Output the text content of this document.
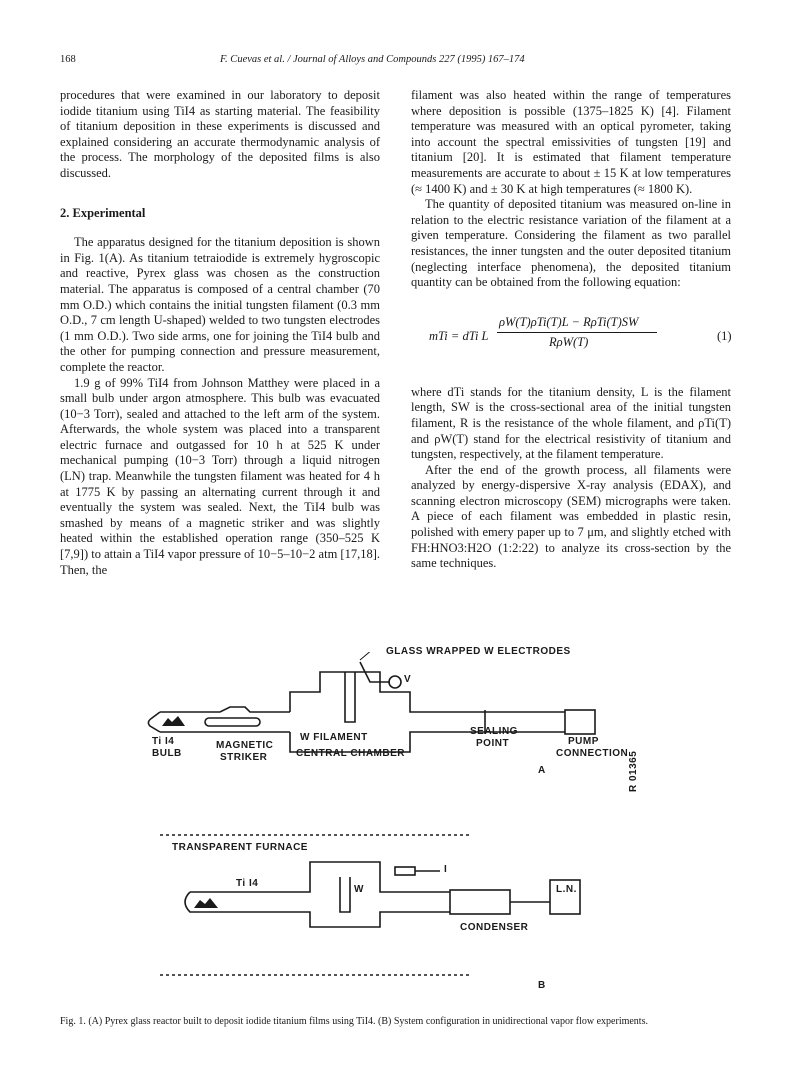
168	F. Cuevas et al. / Journal of Alloys and Compounds 227 (1995) 167–174

procedures that were examined in our laboratory to deposit iodide titanium using TiI4 as starting material. The feasibility of titanium deposition in these experiments is discussed and explained considering an accurate thermodynamic analysis of the process. The morphology of the deposited films is also discussed.

2. Experimental

The apparatus designed for the titanium deposition is shown in Fig. 1(A). As titanium tetraiodide is extremely hygroscopic and reactive, Pyrex glass was chosen as the construction material. The apparatus is composed of a central chamber (70 mm O.D.) which contains the initial tungsten filament (0.3 mm O.D., 7 cm length U-shaped) welded to two tungsten electrodes (1 mm O.D.). Two side arms, one for joining the TiI4 bulb and the other for pumping connection and pressure measurement, complete the reactor.

1.9 g of 99% TiI4 from Johnson Matthey were placed in a small bulb under argon atmosphere. This bulb was evacuated (10−3 Torr), sealed and attached to the left arm of the system. Afterwards, the whole system was placed into a transparent electric furnace and outgassed for 10 h at 525 K under mechanical pumping (10−3 Torr) through a liquid nitrogen (LN) trap. Meanwhile the tungsten filament was heated for 4 h at 1775 K by passing an alternating current through it and eventually the system was sealed. Next, the TiI4 bulb was smashed by means of a magnetic striker and was slightly heated within the established operation range (350–525 K [7,9]) to attain a TiI4 vapor pressure of 10−5–10−2 atm [17,18]. Then, the

filament was also heated within the range of temperatures where deposition is possible (1375–1825 K) [4]. Filament temperature was measured with an optical pyrometer, taking into account the spectral emissivities of tungsten [19] and titanium [20]. It is estimated that filament temperature measurements are accurate to about ± 15 K at low temperatures (≈ 1400 K) and ± 30 K at high temperatures (≈ 1800 K).

The quantity of deposited titanium was measured on-line in relation to the electric resistance variation of the filament at a given temperature. Considering the filament as two parallel resistances, the inner tungsten and the outer deposited titanium (neglecting interface phenomena), the deposited titanium quantity can be obtained from the following equation:

mTi = dTi L
ρW(T)ρTi(T)L − RρTi(T)SW
RρW(T)	(1)

where dTi stands for the titanium density, L is the filament length, SW is the cross-sectional area of the initial tungsten filament, R is the resistance of the whole filament, and ρTi(T) and ρW(T) stand for the electrical resistivity of titanium and tungsten, respectively, at the filament temperature.

After the end of the growth process, all filaments were analyzed by energy-dispersive X-ray analysis (EDAX), and scanning electron microscopy (SEM) micrographs were taken. A piece of each filament was embedded in plastic resin, polished with emery paper up to 7 μm, and slightly etched with FH:HNO3:H2O (1:2:22) to analyze its cross-section by the same techniques.

GLASS WRAPPED W ELECTRODES
V
Ti I4
BULB
MAGNETIC
STRIKER
W FILAMENT
CENTRAL CHAMBER
SEALING
POINT	PUMP
CONNECTION
A	R 01365
TRANSPARENT FURNACE
I
Ti I4
W	L.N.
CONDENSER
B
Fig. 1. (A) Pyrex glass reactor built to deposit iodide titanium films using TiI4. (B) System configuration in unidirectional vapor flow experiments.
